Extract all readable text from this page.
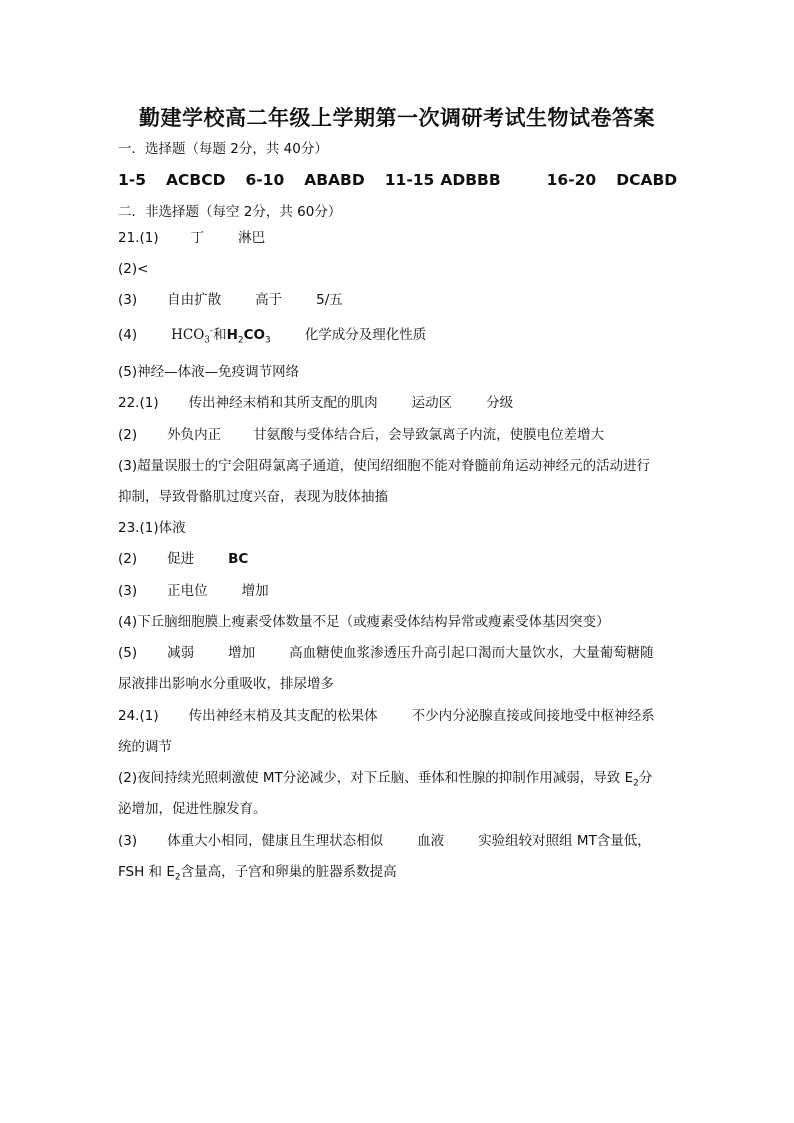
勤建学校高二年级上学期第一次调研考试生物试卷答案
一．选择题（每题 2分，共 40分）
1-5 ACBCD 6-10 ABABD 11-15 ADBBB	16-20 DCABD
二．非选择题（每空 2分，共 60分）
21.(1) 丁	淋巴
(2)<
(3) 自由扩散	高于	5/五
(4)	$HCO_3^-$和$H_2CO_3$	化学成分及理化性质
(5)神经—体液—免疫调节网络
22.(1) 传出神经末梢和其所支配的肌肉	运动区	分级
(2) 外负内正 甘氨酸与受体结合后，会导致氯离子内流，使膜电位差增大
(3)超量误服士的宁会阻碍氯离子通道，使闰绍细胞不能对脊髓前角运动神经元的活动进行
抑制，导致骨骼肌过度兴奋，表现为肢体抽搐
23.(1)体液
(2) 促进	BC
(3) 正电位	增加
(4)下丘脑细胞膜上瘦素受体数量不足（或瘦素受体结构异常或瘦素受体基因突变）
(5) 减弱	增加	高血糖使血浆渗透压升高引起口渴而大量饮水，大量葡萄糖随
尿液排出影响水分重吸收，排尿增多
24.(1) 传出神经末梢及其支配的松果体	不少内分泌腺直接或间接地受中枢神经系
统的调节
(2)夜间持续光照刺激使 MT分泌减少，对下丘脑、垂体和性腺的抑制作用减弱，导致 $E_2$分
泌增加，促进性腺发育。
(3) 体重大小相同，健康且生理状态相似	血液	实验组较对照组 MT含量低，
FSH 和 $E_2$含量高，子宫和卵巢的脏器系数提高
